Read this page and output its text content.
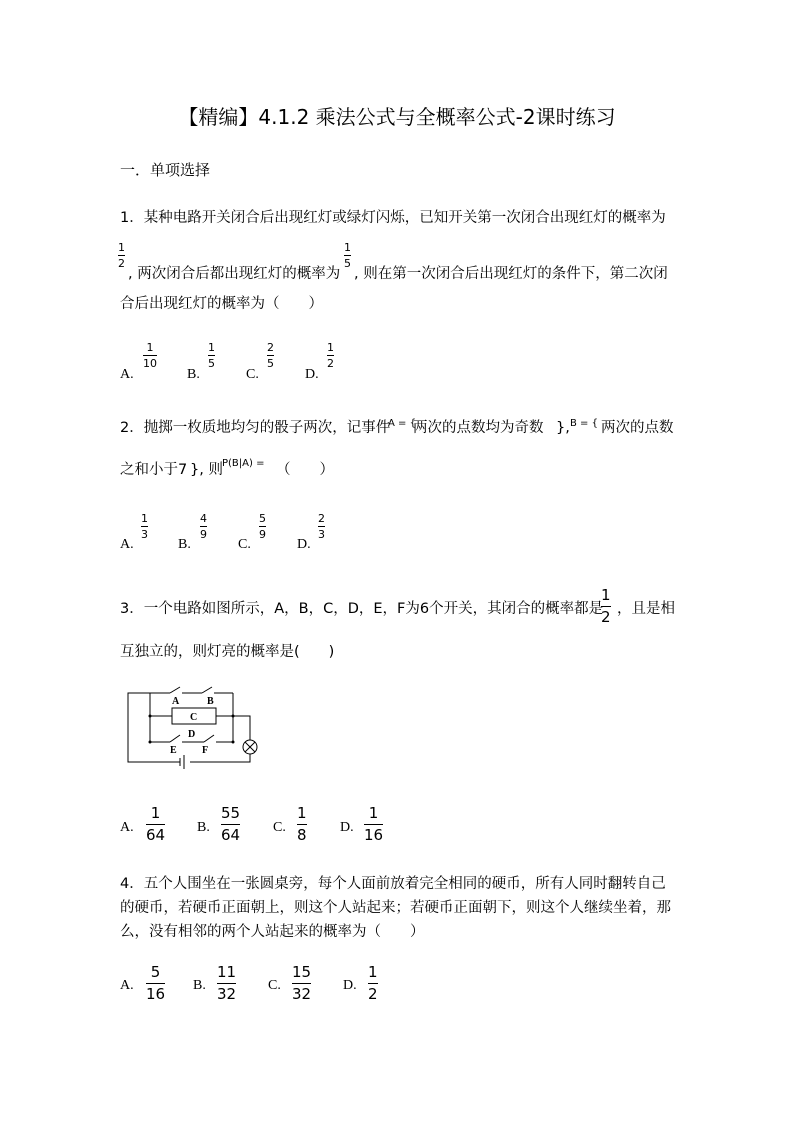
【精编】4.1.2 乘法公式与全概率公式-2课时练习
一．单项选择
1．某种电路开关闭合后出现红灯或绿灯闪烁，已知开关第一次闭合出现红灯的概率为
1
2
, 两次闭合后都出现红灯的概率为
1
5
, 则在第一次闭合后出现红灯的条件下，第二次闭
合后出现红灯的概率为（　　）
A.
1
10
B.
1
5
C.
2
5
D.
1
2
2．抛掷一枚质地均匀的骰子两次，记事件
A = {
两次的点数均为奇数 }, B = { 两次的点数
之和小于7 }, 则 P(B|A) = （　　）
A.
1
3
B.
4
9
C.
5
9
D.
2
3
3．一个电路如图所示，A，B，C，D，E，F为6个开关，其闭合的概率都是
1
2 ，且是相
互独立的，则灯亮的概率是(　　)
A	B
C
D
E	F
A.
1
64 B.
55
64 C.
1
8 D.
1
16
4．五个人围坐在一张圆桌旁，每个人面前放着完全相同的硬币，所有人同时翻转自己
的硬币，若硬币正面朝上，则这个人站起来；若硬币正面朝下，则这个人继续坐着，那
么，没有相邻的两个人站起来的概率为（　　）
A.
5
16 B.
11
32 C.
15
32 D.
1
2
